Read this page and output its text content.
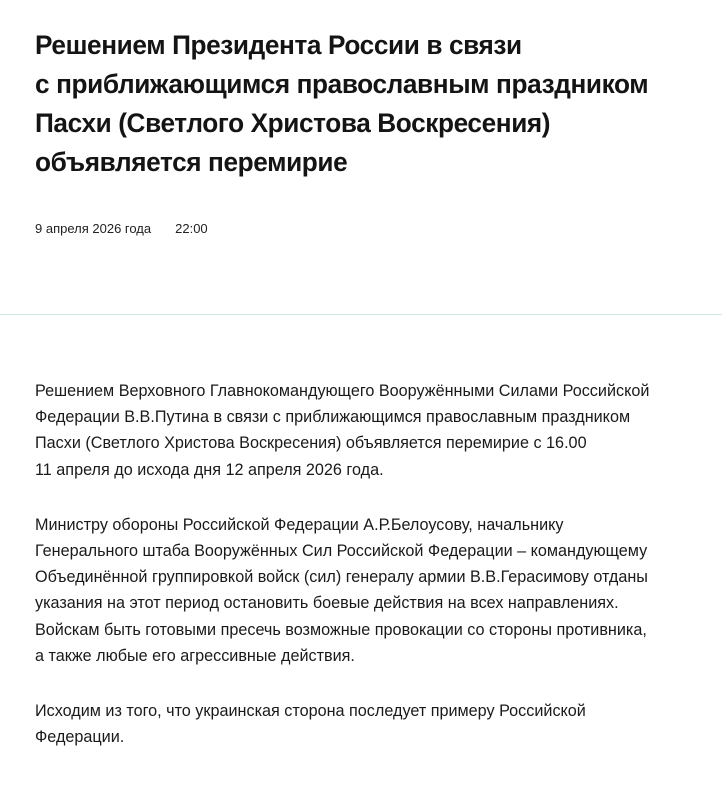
Решением Президента России в связи
с приближающимся православным праздником
Пасхи (Светлого Христова Воскресения)
объявляется перемирие
9 апреля 2026 года 22:00

Решением Верховного Главнокомандующего Вооружёнными Силами Российской
Федерации В.В.Путина в связи с приближающимся православным праздником
Пасхи (Светлого Христова Воскресения) объявляется перемирие с 16.00
11 апреля до исхода дня 12 апреля 2026 года.

Министру обороны Российской Федерации А.Р.Белоусову, начальнику
Генерального штаба Вооружённых Сил Российской Федерации – командующему
Объединённой группировкой войск (сил) генералу армии В.В.Герасимову отданы
указания на этот период остановить боевые действия на всех направлениях.
Войскам быть готовыми пресечь возможные провокации со стороны противника,
а также любые его агрессивные действия.

Исходим из того, что украинская сторона последует примеру Российской
Федерации.
